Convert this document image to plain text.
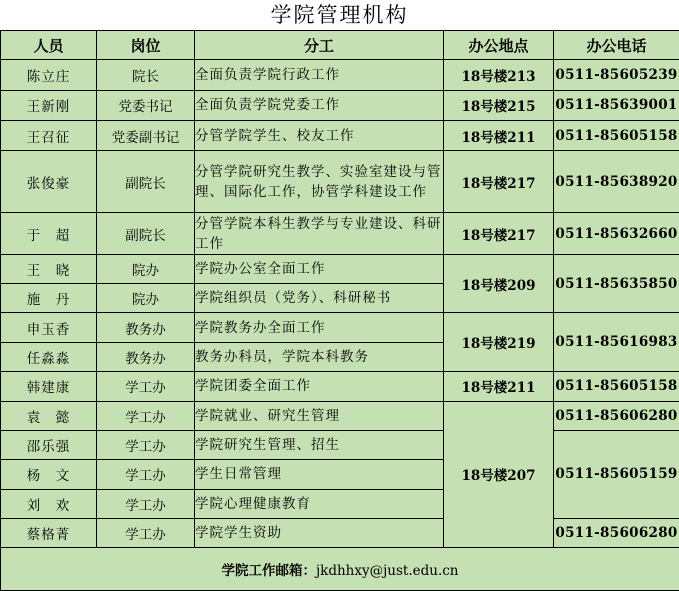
学院管理机构
人员	岗位	分工	办公地点	办公电话
陈立庄	院长	全面负责学院行政工作	18号楼213	0511-85605239
王新刚	党委书记	全面负责学院党委工作	18号楼215	0511-85639001
王召征	党委副书记	分管学院学生、校友工作	18号楼211	0511-85605158
张俊豪	副院长	分管学院研究生教学、实验室建设与管理、国际化工作，协管学科建设工作	18号楼217	0511-85638920
于　超	副院长	分管学院本科生教学与专业建设、科研工作	18号楼217	0511-85632660
王　晓	院办	学院办公室全面工作	18号楼209	0511-85635850
施　丹	院办	学院组织员（党务）、科研秘书		
申玉香	教务办	学院教务办全面工作	18号楼219	0511-85616983
任淼淼	教务办	教务办科员，学院本科教务		
韩建康	学工办	学院团委全面工作	18号楼211	0511-85605158
袁　懿	学工办	学院就业、研究生管理	18号楼207	0511-85606280
邵乐强	学工办	学院研究生管理、招生		0511-85605159
杨　文	学工办	学生日常管理		
刘　欢	学工办	学院心理健康教育		
蔡格菁	学工办	学院学生资助		0511-85606280
学院工作邮箱：jkdhhxy@just.edu.cn				
